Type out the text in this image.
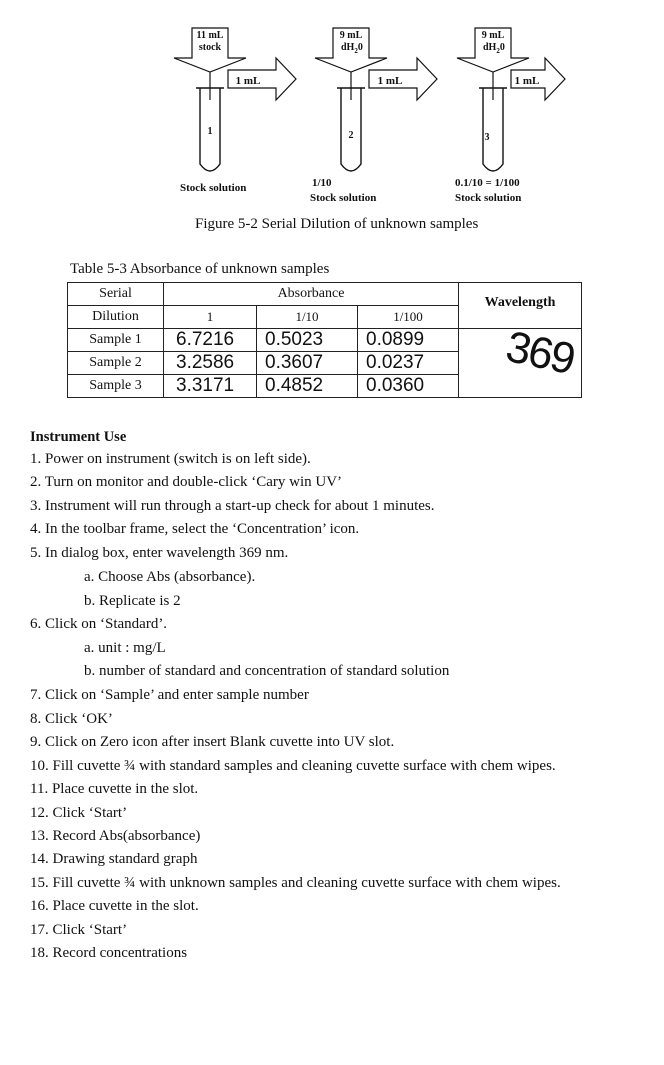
11 mL
stock
1
Stock solution
1 mL
9 mL
$dH_20$
2
1/10
Stock solution
1 mL
9 mL
$dH_20$
3
0.1/10 = 1/100
Stock solution
1 mL
Figure 5-2 Serial Dilution of unknown samples
Table 5-3 Absorbance of unknown samples
Serial	Absorbance			Wavelength
Dilution	1	1/10	1/100	
Sample 1	6.7216	0.5023	0.0899	
Sample 2	3.2586	0.3607	0.0237	
Sample 3	3.3171	0.4852	0.0360	
369
Instrument Use
1. Power on instrument (switch is on left side).
2. Turn on monitor and double-click ‘Cary win UV’
3. Instrument will run through a start-up check for about 1 minutes.
4. In the toolbar frame, select the ‘Concentration’ icon.
5. In dialog box, enter wavelength 369 nm.
a. Choose Abs (absorbance).
b. Replicate is 2
6. Click on ‘Standard’.
a. unit : mg/L
b. number of standard and concentration of standard solution
7. Click on ‘Sample’ and enter sample number
8. Click ‘OK’
9. Click on Zero icon after insert Blank cuvette into UV slot.
10. Fill cuvette ¾ with standard samples and cleaning cuvette surface with chem wipes.
11. Place cuvette in the slot.
12. Click ‘Start’
13. Record Abs(absorbance)
14. Drawing standard graph
15. Fill cuvette ¾ with unknown samples and cleaning cuvette surface with chem wipes.
16. Place cuvette in the slot.
17. Click ‘Start’
18. Record concentrations
